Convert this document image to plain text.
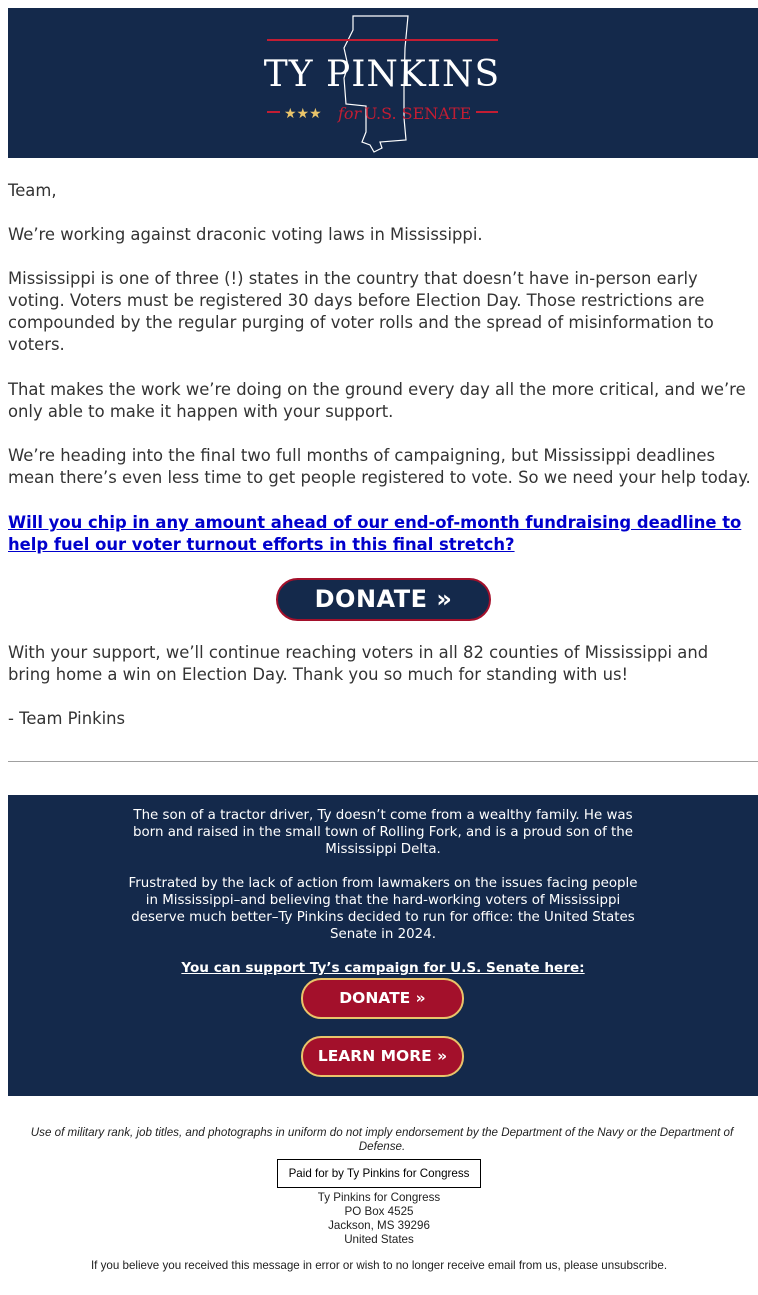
TY PINKINS
★★★ for U.S. SENATE
Team,
We’re working against draconic voting laws in Mississippi.
Mississippi is one of three (!) states in the country that doesn’t have in-person early voting. Voters must be registered 30 days before Election Day. Those restrictions are compounded by the regular purging of voter rolls and the spread of misinformation to voters.
That makes the work we’re doing on the ground every day all the more critical, and we’re only able to make it happen with your support.
We’re heading into the final two full months of campaigning, but Mississippi deadlines mean there’s even less time to get people registered to vote. So we need your help today.
Will you chip in any amount ahead of our end-of-month fundraising deadline to help fuel our voter turnout efforts in this final stretch?
DONATE »
With your support, we’ll continue reaching voters in all 82 counties of Mississippi and bring home a win on Election Day. Thank you so much for standing with us!
- Team Pinkins
The son of a tractor driver, Ty doesn’t come from a wealthy family. He was born and raised in the small town of Rolling Fork, and is a proud son of the Mississippi Delta.
Frustrated by the lack of action from lawmakers on the issues facing people in Mississippi–and believing that the hard-working voters of Mississippi deserve much better–Ty Pinkins decided to run for office: the United States Senate in 2024.
You can support Ty’s campaign for U.S. Senate here:
DONATE »
LEARN MORE »
Use of military rank, job titles, and photographs in uniform do not imply endorsement by the Department of the Navy or the Department of Defense.
Paid for by Ty Pinkins for Congress
Ty Pinkins for Congress
PO Box 4525
Jackson, MS 39296
United States
If you believe you received this message in error or wish to no longer receive email from us, please unsubscribe.
